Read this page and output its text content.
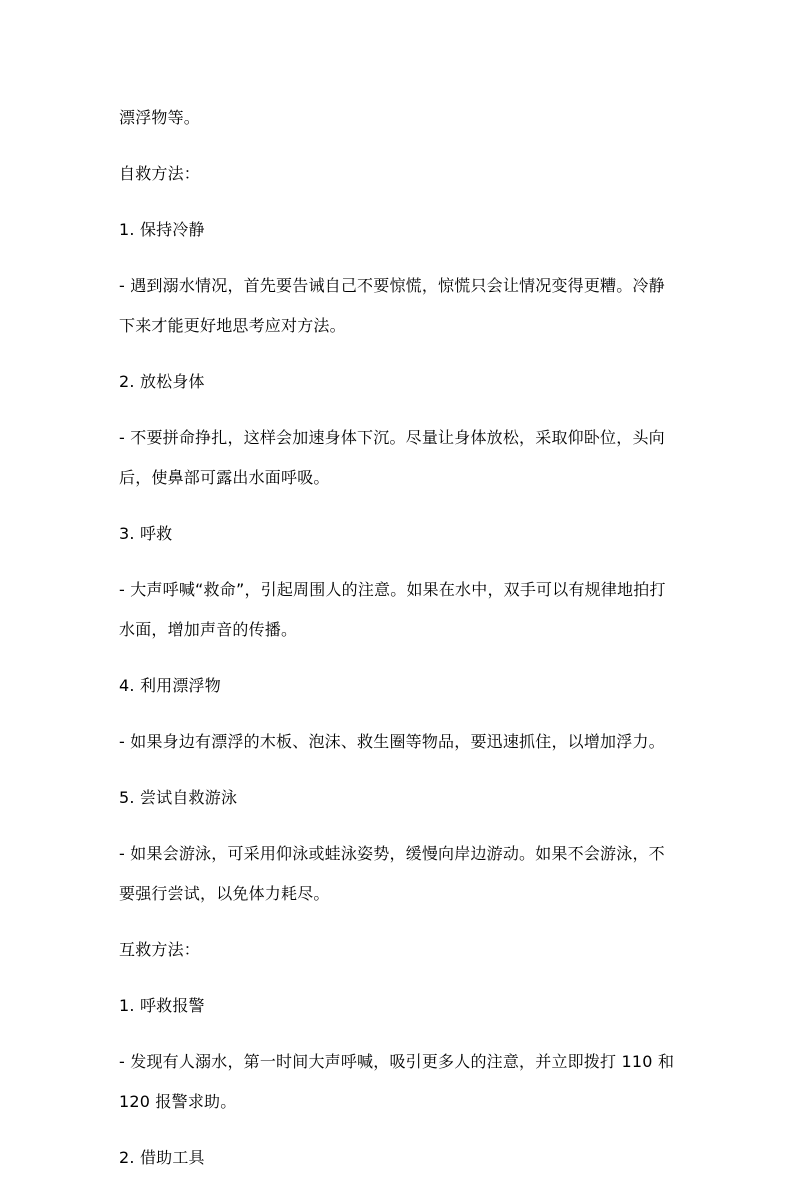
漂浮物等。

自救方法：

1. 保持冷静

- 遇到溺水情况，首先要告诫自己不要惊慌，惊慌只会让情况变得更糟。冷静下来才能更好地思考应对方法。

2. 放松身体

- 不要拼命挣扎，这样会加速身体下沉。尽量让身体放松，采取仰卧位，头向后，使鼻部可露出水面呼吸。

3. 呼救

- 大声呼喊“救命”，引起周围人的注意。如果在水中，双手可以有规律地拍打水面，增加声音的传播。

4. 利用漂浮物

- 如果身边有漂浮的木板、泡沫、救生圈等物品，要迅速抓住，以增加浮力。

5. 尝试自救游泳

- 如果会游泳，可采用仰泳或蛙泳姿势，缓慢向岸边游动。如果不会游泳，不要强行尝试，以免体力耗尽。

互救方法：

1. 呼救报警

- 发现有人溺水，第一时间大声呼喊，吸引更多人的注意，并立即拨打 110 和 120 报警求助。

2. 借助工具
